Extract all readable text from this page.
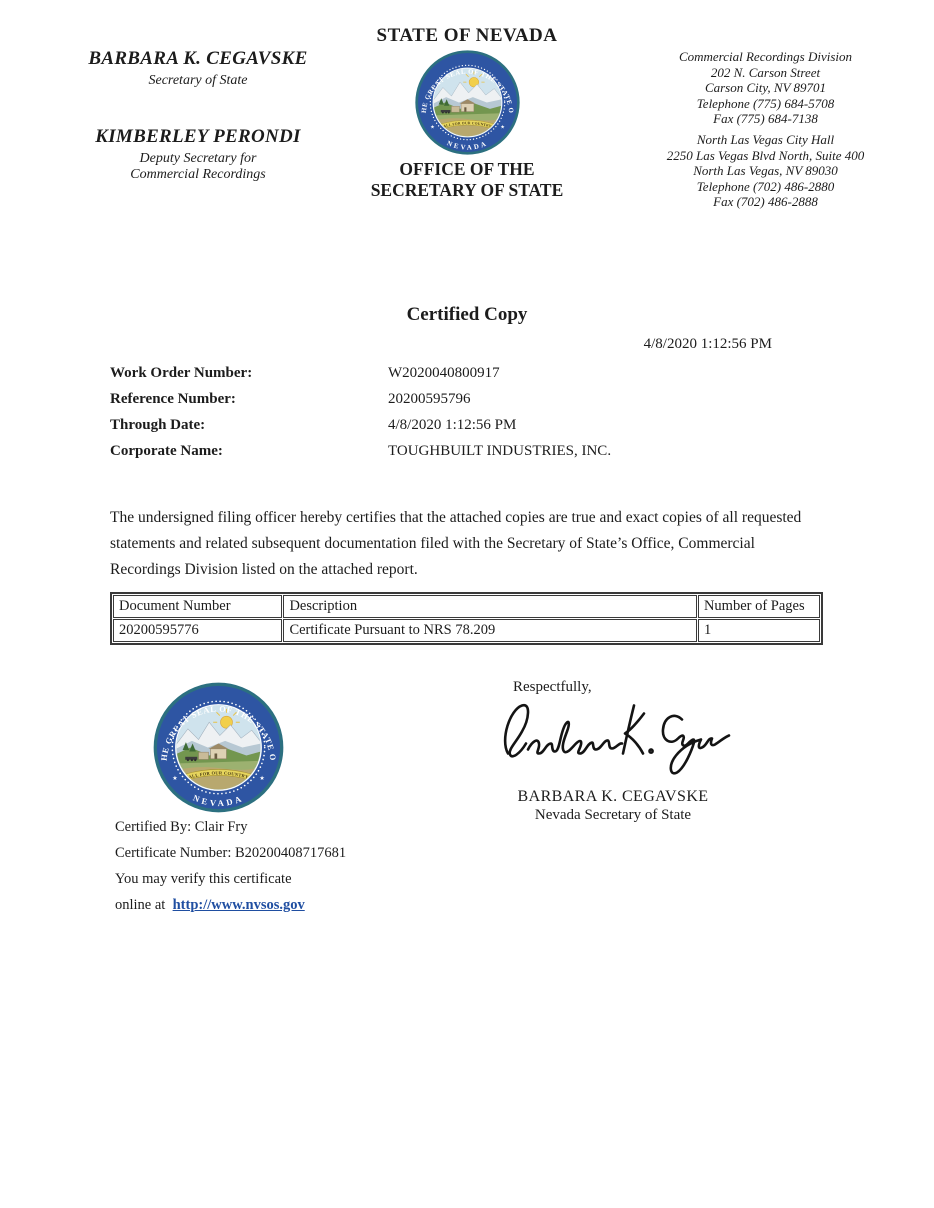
BARBARA K. CEGAVSKE
Secretary of State
KIMBERLEY PERONDI
Deputy Secretary for
Commercial Recordings
STATE OF NEVADA
OFFICE OF THE
SECRETARY OF STATE
Commercial Recordings Division
202 N. Carson Street
Carson City, NV 89701
Telephone (775) 684-5708
Fax (775) 684-7138
North Las Vegas City Hall
2250 Las Vegas Blvd North, Suite 400
North Las Vegas, NV 89030
Telephone (702) 486-2880
Fax (702) 486-2888
Certified Copy
4/8/2020 1:12:56 PM
Work Order Number:	W2020040800917
Reference Number:	20200595796
Through Date:	4/8/2020 1:12:56 PM
Corporate Name:	TOUGHBUILT INDUSTRIES, INC.
The undersigned filing officer hereby certifies that the attached copies are true and exact copies of all requested statements and related subsequent documentation filed with the Secretary of State’s Office, Commercial Recordings Division listed on the attached report.
Document Number	Description	Number of Pages
20200595776	Certificate Pursuant to NRS 78.209	1
Certified By: Clair Fry
Certificate Number: B20200408717681
You may verify this certificate
online at http://www.nvsos.gov
Respectfully,
BARBARA K. CEGAVSKE
Nevada Secretary of State
